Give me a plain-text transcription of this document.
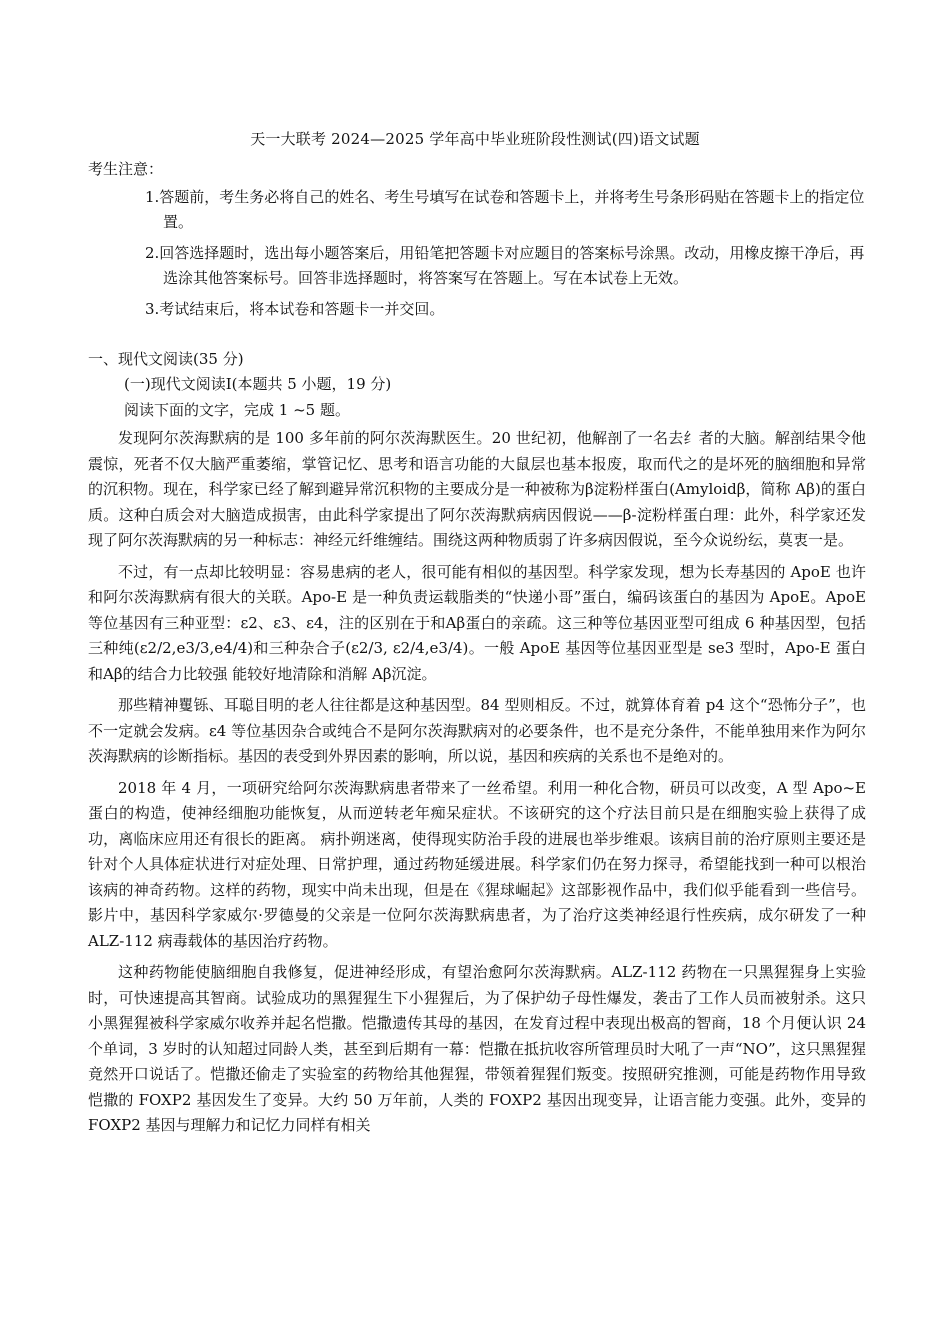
天一大联考 2024—2025 学年高中毕业班阶段性测试(四)语文试题
考生注意：
1.答题前，考生务必将自己的姓名、考生号填写在试卷和答题卡上，并将考生号条形码贴在答题卡上的指定位置。
2.回答选择题时，选出每小题答案后，用铅笔把答题卡对应题目的答案标号涂黑。改动，用橡皮擦干净后，再选涂其他答案标号。回答非选择题时，将答案写在答题上。写在本试卷上无效。
3.考试结束后，将本试卷和答题卡一并交回。
一、现代文阅读(35 分)
(一)现代文阅读Ⅰ(本题共 5 小题，19 分)
阅读下面的文字，完成 1 ~5 题。

发现阿尔茨海默病的是 100 多年前的阿尔茨海默医生。20 世纪初，他解剖了一名去纟者的大脑。解剖结果令他震惊，死者不仅大脑严重萎缩，掌管记忆、思考和语言功能的大鼠层也基本报废，取而代之的是坏死的脑细胞和异常的沉积物。现在，科学家已经了解到避异常沉积物的主要成分是一种被称为β淀粉样蛋白(Amyloidβ，简称 Aβ)的蛋白质。这种白质会对大脑造成损害，由此科学家提出了阿尔茨海默病病因假说——β-淀粉样蛋白理：此外，科学家还发现了阿尔茨海默病的另一种标志：神经元纤维缠结。围绕这两种物质弱了许多病因假说，至今众说纷纭，莫衷一是。

不过，有一点却比较明显：容易患病的老人，很可能有相似的基因型。科学家发现，想为长寿基因的 ApoE 也许和阿尔茨海默病有很大的关联。Apo-E 是一种负责运载脂类的“快递小哥”蛋白，编码该蛋白的基因为 ApoE。ApoE 等位基因有三种亚型：ε2、ε3、ε4，注的区别在于和Aβ蛋白的亲疏。这三种等位基因亚型可组成 6 种基因型，包括三种纯(ε2/2,e3/3,e4/4)和三种杂合子(ε2/3, ε2/4,e3/4)。一般 ApoE 基因等位基因亚型是 se3 型时，Apo-E 蛋白和Aβ的结合力比较强 能较好地清除和消解 Aβ沉淀。

那些精神矍铄、耳聪目明的老人往往都是这种基因型。84 型则相反。不过，就算体育着 p4 这个“恐怖分子”，也不一定就会发病。ε4 等位基因杂合或纯合不是阿尔茨海默病对的必要条件，也不是充分条件，不能单独用来作为阿尔茨海默病的诊断指标。基因的表受到外界因素的影响，所以说，基因和疾病的关系也不是绝对的。

2018 年 4 月，一项研究给阿尔茨海默病患者带来了一丝希望。利用一种化合物，研员可以改变，A 型 Apo~E 蛋白的构造，使神经细胞功能恢复，从而逆转老年痴呆症状。不该研究的这个疗法目前只是在细胞实验上获得了成功，离临床应用还有很长的距离。 病扑朔迷离，使得现实防治手段的进展也举步维艰。该病目前的治疗原则主要还是针对个人具体症状进行对症处理、日常护理，通过药物延缓进展。科学家们仍在努力探寻，希望能找到一种可以根治该病的神奇药物。这样的药物，现实中尚未出现，但是在《猩球崛起》这部影视作品中，我们似乎能看到一些信号。影片中，基因科学家威尔·罗德曼的父亲是一位阿尔茨海默病患者，为了治疗这类神经退行性疾病，成尔研发了一种 ALZ-112 病毒载体的基因治疗药物。

这种药物能使脑细胞自我修复，促进神经形成，有望治愈阿尔茨海默病。ALZ-112 药物在一只黑猩猩身上实验时，可快速提高其智商。试验成功的黑猩猩生下小猩猩后，为了保护幼子母性爆发，袭击了工作人员而被射杀。这只小黑猩猩被科学家威尔收养并起名恺撒。恺撒遗传其母的基因，在发育过程中表现出极高的智商，18 个月便认识 24 个单词，3 岁时的认知超过同龄人类，甚至到后期有一幕：恺撒在抵抗收容所管理员时大吼了一声“NO”，这只黑猩猩竟然开口说话了。恺撒还偷走了实验室的药物给其他猩猩，带领着猩猩们叛变。按照研究推测，可能是药物作用导致恺撒的 FOXP2 基因发生了变异。大约 50 万年前，人类的 FOXP2 基因出现变异，让语言能力变强。此外，变异的 FOXP2 基因与理解力和记忆力同样有相关
